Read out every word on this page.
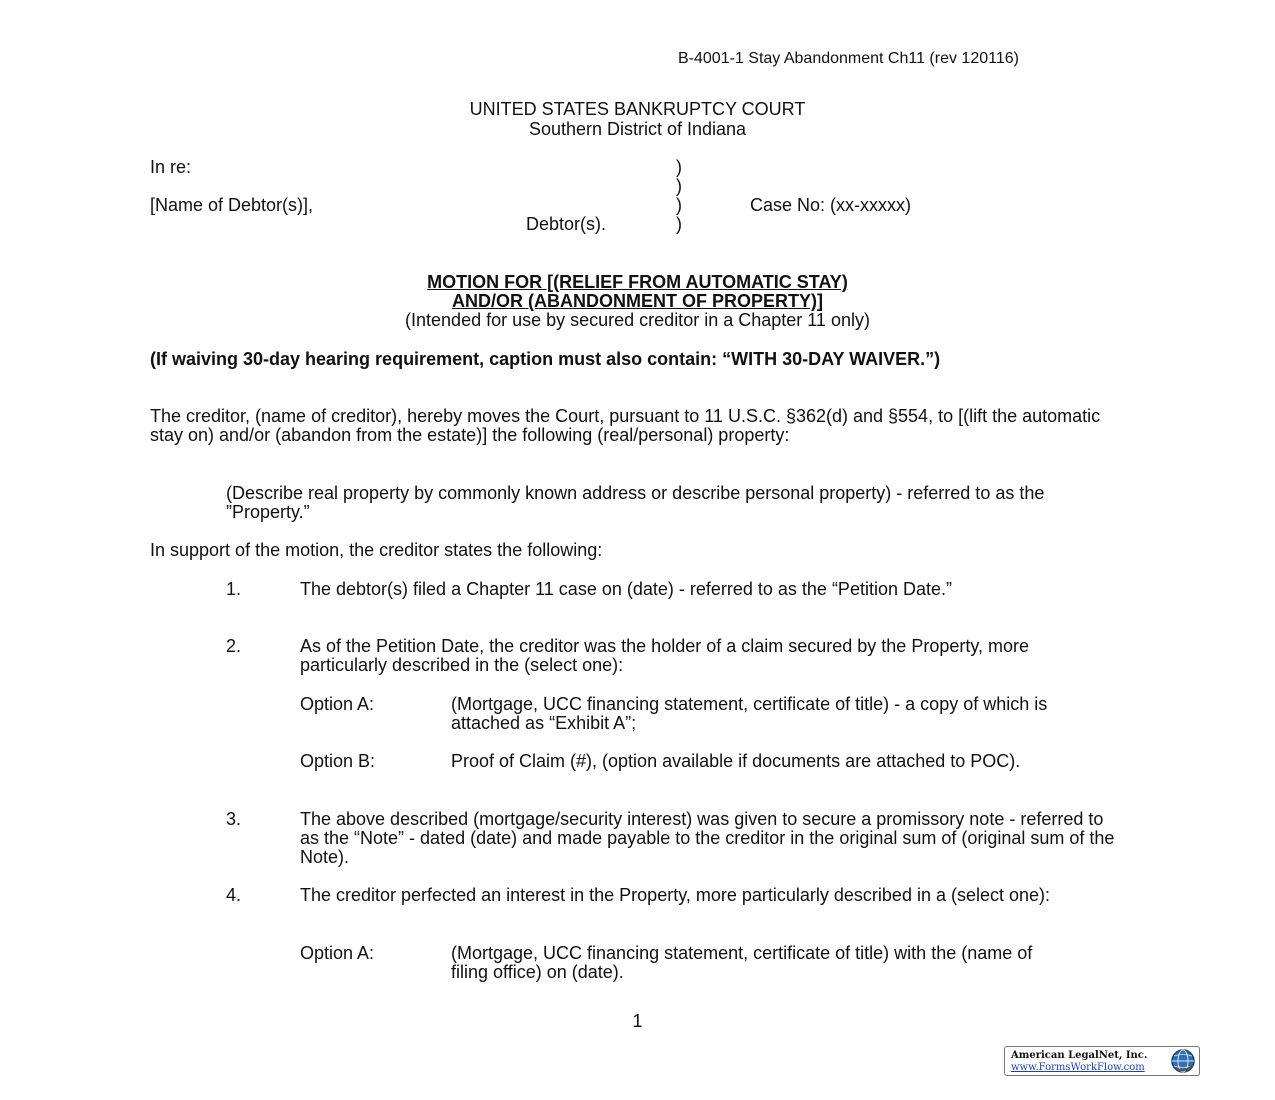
B-4001-1 Stay Abandonment Ch11 (rev 120116)
UNITED STATES BANKRUPTCY COURT
Southern District of Indiana
In re:
[Name of Debtor(s)],
Debtor(s).
)
)
)
)
Case No: (xx-xxxxx)
MOTION FOR [(RELIEF FROM AUTOMATIC STAY)
AND/OR (ABANDONMENT OF PROPERTY)]
(Intended for use by secured creditor in a Chapter 11 only)
(If waiving 30-day hearing requirement, caption must also contain: “WITH 30-DAY WAIVER.”)
The creditor, (name of creditor), hereby moves the Court, pursuant to 11 U.S.C. §362(d) and §554, to [(lift the automatic stay on) and/or (abandon from the estate)] the following (real/personal) property:
(Describe real property by commonly known address or describe personal property) - referred to as the ”Property.”
In support of the motion, the creditor states the following:
1.	The debtor(s) filed a Chapter 11 case on (date) - referred to as the “Petition Date.”
2.	As of the Petition Date, the creditor was the holder of a claim secured by the Property, more particularly described in the (select one):
Option A:	(Mortgage, UCC financing statement, certificate of title) - a copy of which is attached as “Exhibit A”;
Option B:	Proof of Claim (#), (option available if documents are attached to POC).
3.	The above described (mortgage/security interest) was given to secure a promissory note - referred to as the “Note” - dated (date) and made payable to the creditor in the original sum of (original sum of the Note).
4.	The creditor perfected an interest in the Property, more particularly described in a (select one):
Option A:	(Mortgage, UCC financing statement, certificate of title) with the (name of filing office) on (date).
1
American LegalNet, Inc.
www.FormsWorkFlow.com
